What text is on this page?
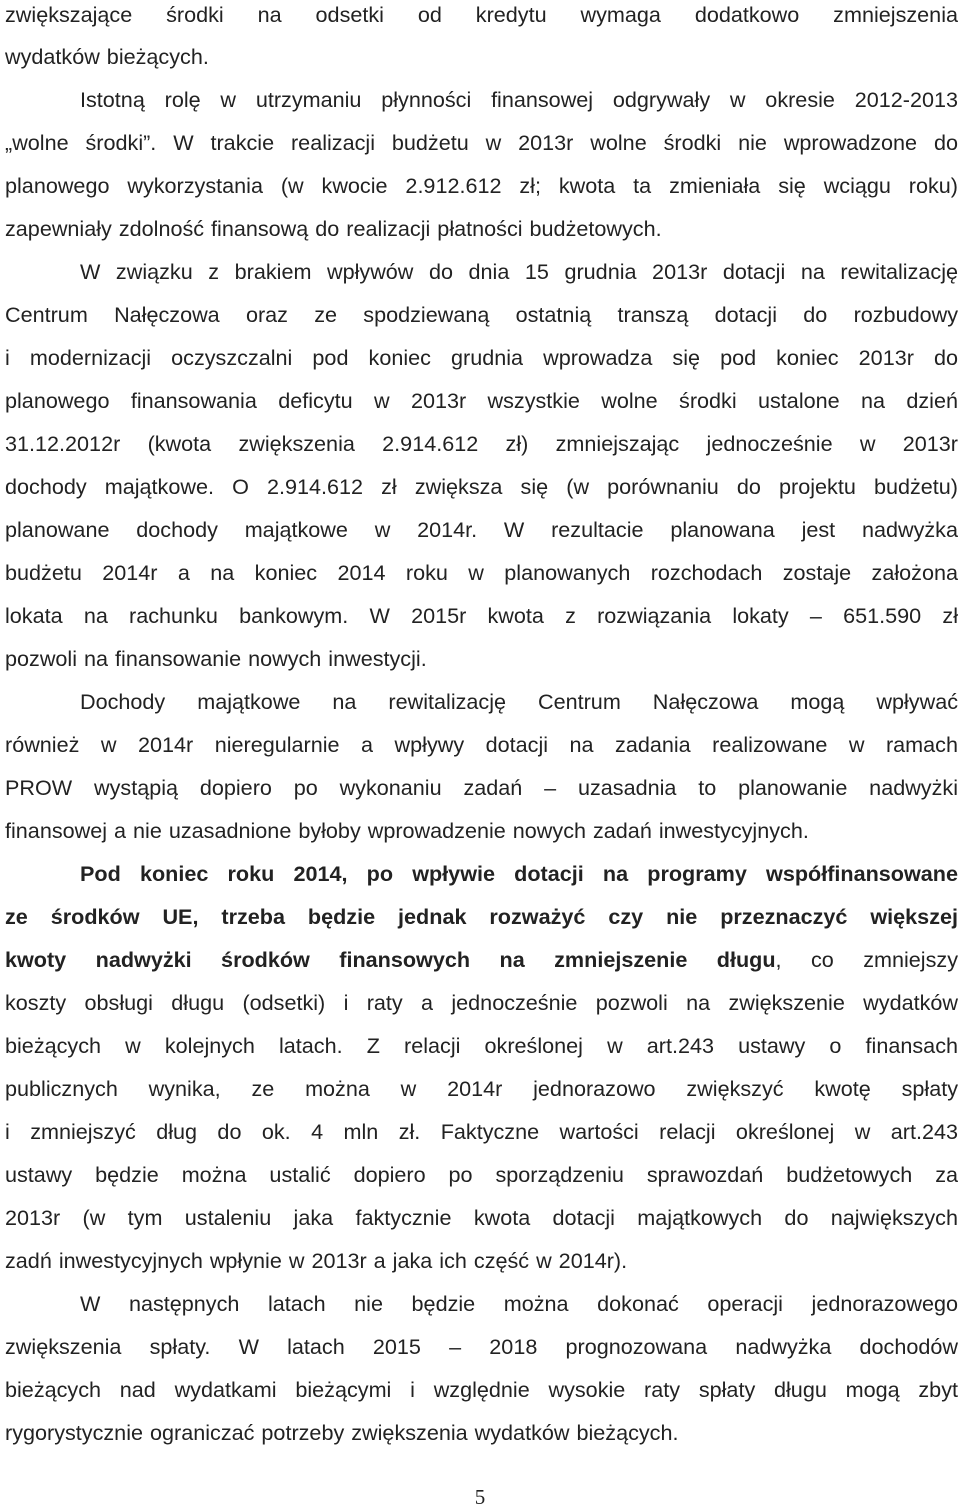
zwiększające środki na odsetki od kredytu wymaga dodatkowo zmniejszenia
wydatków bieżących.
Istotną rolę w utrzymaniu płynności finansowej odgrywały w okresie 2012-2013
„wolne środki”. W trakcie realizacji budżetu w 2013r wolne środki nie wprowadzone do
planowego wykorzystania (w kwocie 2.912.612 zł; kwota ta zmieniała się wciągu roku)
zapewniały zdolność finansową do realizacji płatności budżetowych.
W związku z brakiem wpływów do dnia 15 grudnia 2013r dotacji na rewitalizację
Centrum Nałęczowa oraz ze spodziewaną ostatnią transzą dotacji do rozbudowy
i modernizacji oczyszczalni pod koniec grudnia wprowadza się pod koniec 2013r do
planowego finansowania deficytu w 2013r wszystkie wolne środki ustalone na dzień
31.12.2012r (kwota zwiększenia 2.914.612 zł) zmniejszając jednocześnie w 2013r
dochody majątkowe. O 2.914.612 zł zwiększa się (w porównaniu do projektu budżetu)
planowane dochody majątkowe w 2014r. W rezultacie planowana jest nadwyżka
budżetu 2014r a na koniec 2014 roku w planowanych rozchodach zostaje założona
lokata na rachunku bankowym. W 2015r kwota z rozwiązania lokaty – 651.590 zł
pozwoli na finansowanie nowych inwestycji.
Dochody majątkowe na rewitalizację Centrum Nałęczowa mogą wpływać
również w 2014r nieregularnie a wpływy dotacji na zadania realizowane w ramach
PROW wystąpią dopiero po wykonaniu zadań – uzasadnia to planowanie nadwyżki
finansowej a nie uzasadnione byłoby wprowadzenie nowych zadań inwestycyjnych.
Pod koniec roku 2014, po wpływie dotacji na programy współfinansowane
ze środków UE, trzeba będzie jednak rozważyć czy nie przeznaczyć większej
kwoty nadwyżki środków finansowych na zmniejszenie długu, co zmniejszy
koszty obsługi długu (odsetki) i raty a jednocześnie pozwoli na zwiększenie wydatków
bieżących w kolejnych latach. Z relacji określonej w art.243 ustawy o finansach
publicznych wynika, ze można w 2014r jednorazowo zwiększyć kwotę spłaty
i zmniejszyć dług do ok. 4 mln zł. Faktyczne wartości relacji określonej w art.243
ustawy będzie można ustalić dopiero po sporządzeniu sprawozdań budżetowych za
2013r (w tym ustaleniu jaka faktycznie kwota dotacji majątkowych do największych
zadń inwestycyjnych wpłynie w 2013r a jaka ich część w 2014r).
W następnych latach nie będzie można dokonać operacji jednorazowego
zwiększenia spłaty. W latach 2015 – 2018 prognozowana nadwyżka dochodów
bieżących nad wydatkami bieżącymi i względnie wysokie raty spłaty długu mogą zbyt
rygorystycznie ograniczać potrzeby zwiększenia wydatków bieżących.
5
